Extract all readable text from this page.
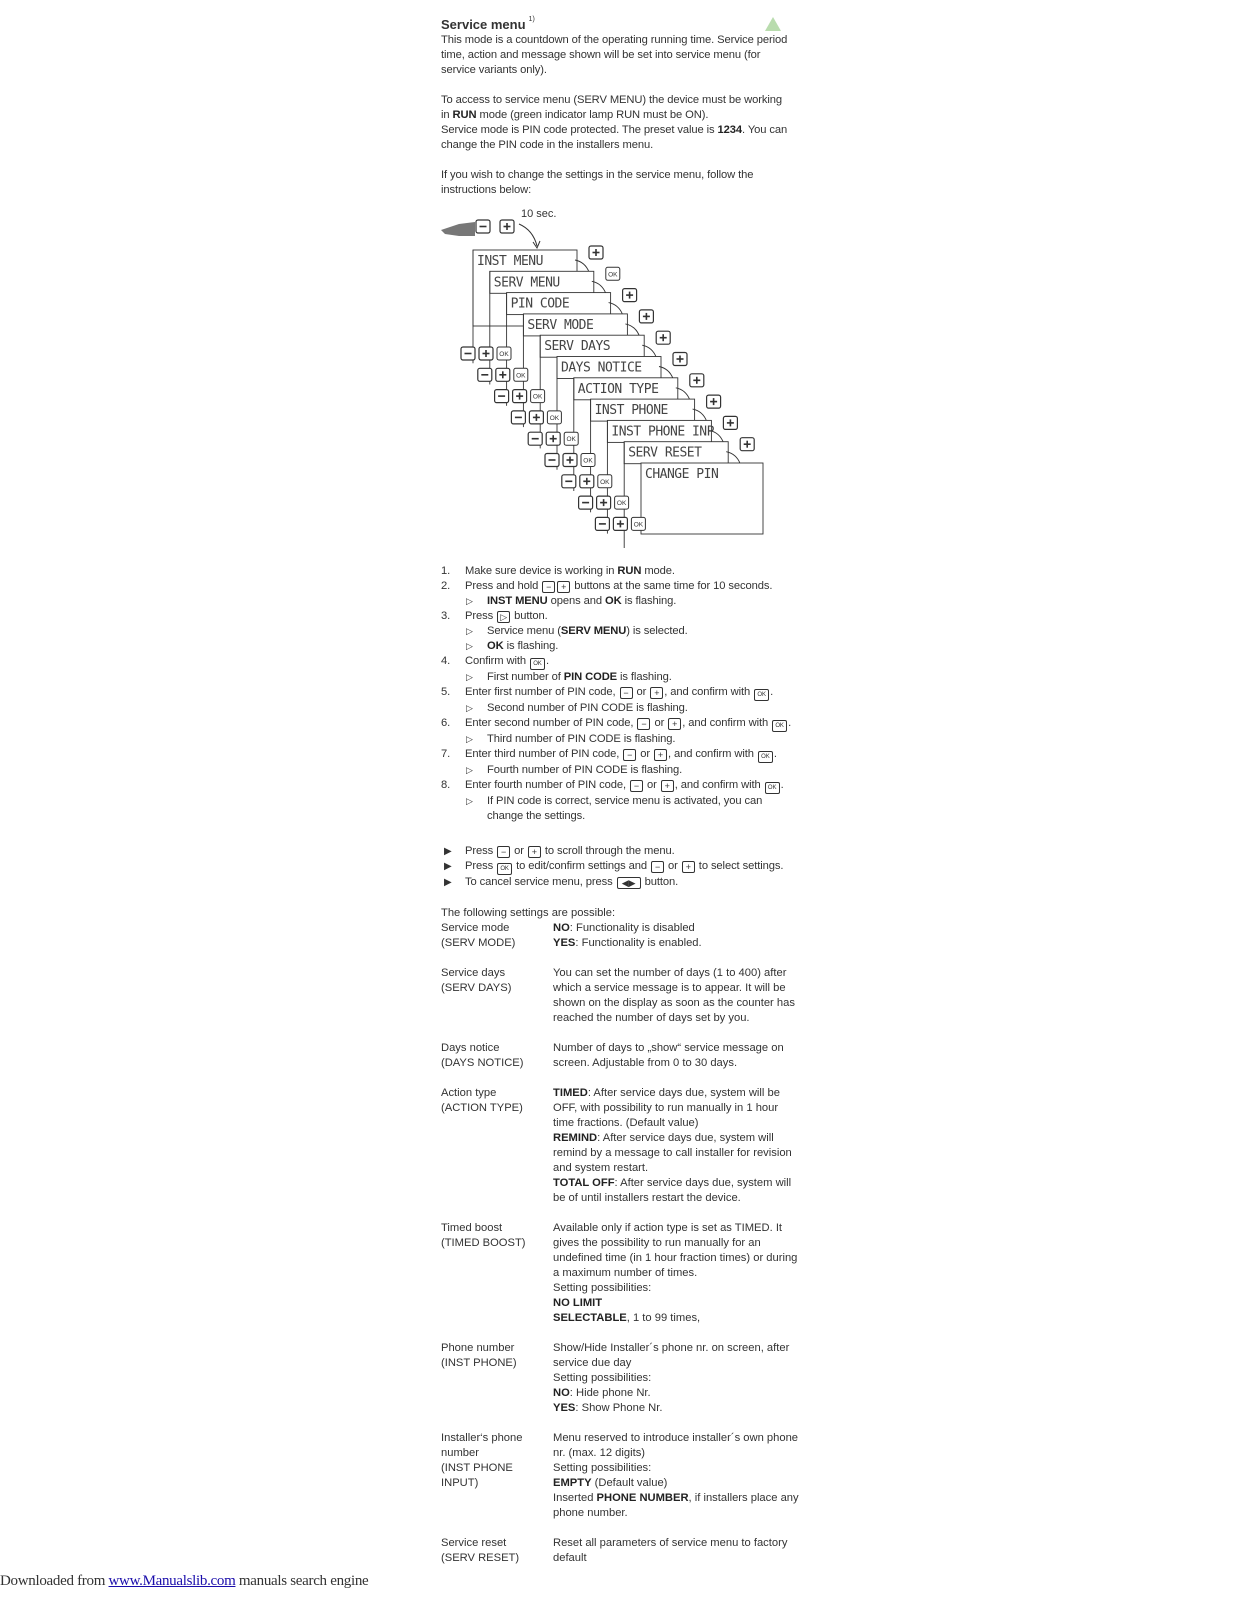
Service menu $^{1)}$

This mode is a countdown of the operating running time. Service period time, action and message shown will be set into service menu (for service variants only).

To access to service menu (SERV MENU) the device must be working in RUN mode (green indicator lamp RUN must be ON).

Service mode is PIN code protected. The preset value is 1234. You can change the PIN code in the installers menu.

If you wish to change the settings in the service menu, follow the instructions below:

OK	10 sec.
INST MENU
SERV MENU
PIN CODE
SERV MODE
SERV DAYS
DAYS NOTICE
ACTION TYPE
INST PHONE
INST PHONE INP
SERV RESET
CHANGE PIN
1. Make sure device is working in RUN mode.
2. Press and hold − + buttons at the same time for 10 seconds.
▷ INST MENU opens and OK is flashing.
3. Press ▷ button.
▷ Service menu (SERV MENU) is selected.
▷ OK is flashing.
4. Confirm with OK .
▷ First number of PIN CODE is flashing.
5. Enter first number of PIN code, − or + , and confirm with OK .
▷ Second number of PIN CODE is flashing.
6. Enter second number of PIN code, − or + , and confirm with OK .
▷ Third number of PIN CODE is flashing.
7. Enter third number of PIN code, − or + , and confirm with OK .
▷ Fourth number of PIN CODE is flashing.
8. Enter fourth number of PIN code, − or + , and confirm with OK .
▷ If PIN code is correct, service menu is activated, you can change the settings.
▶ Press − or + to scroll through the menu.
▶ Press OK to edit/confirm settings and − or + to select settings.
▶ To cancel service menu, press ◀▶ button.

The following settings are possible:

Service mode
(SERV MODE)
NO: Functionality is disabled
YES: Functionality is enabled.
Service days
(SERV DAYS)
You can set the number of days (1 to 400) after which a service message is to appear. It will be shown on the display as soon as the counter has reached the number of days set by you.
Days notice
(DAYS NOTICE)
Number of days to „show“ service message on screen. Adjustable from 0 to 30 days.
Action type
(ACTION TYPE)
TIMED: After service days due, system will be OFF, with possibility to run manually in 1 hour time fractions. (Default value)
REMIND: After service days due, system will remind by a message to call installer for revision and system restart.
TOTAL OFF: After service days due, system will be of until installers restart the device.
Timed boost
(TIMED BOOST)
Available only if action type is set as TIMED. It gives the possibility to run manually for an undefined time (in 1 hour fraction times) or during a maximum number of times.
Setting possibilities:
NO LIMIT
SELECTABLE, 1 to 99 times,
Phone number
(INST PHONE)
Show/Hide Installer´s phone nr. on screen, after service due day
Setting possibilities:
NO: Hide phone Nr.
YES: Show Phone Nr.
Installer‘s phone
number
(INST PHONE INPUT)
Menu reserved to introduce installer´s own phone nr. (max. 12 digits)
Setting possibilities:
EMPTY (Default value)
Inserted PHONE NUMBER, if installers place any phone number.
Service reset
(SERV RESET)
Reset all parameters of service menu to factory default
Downloaded from www.Manualslib.com manuals search engine
